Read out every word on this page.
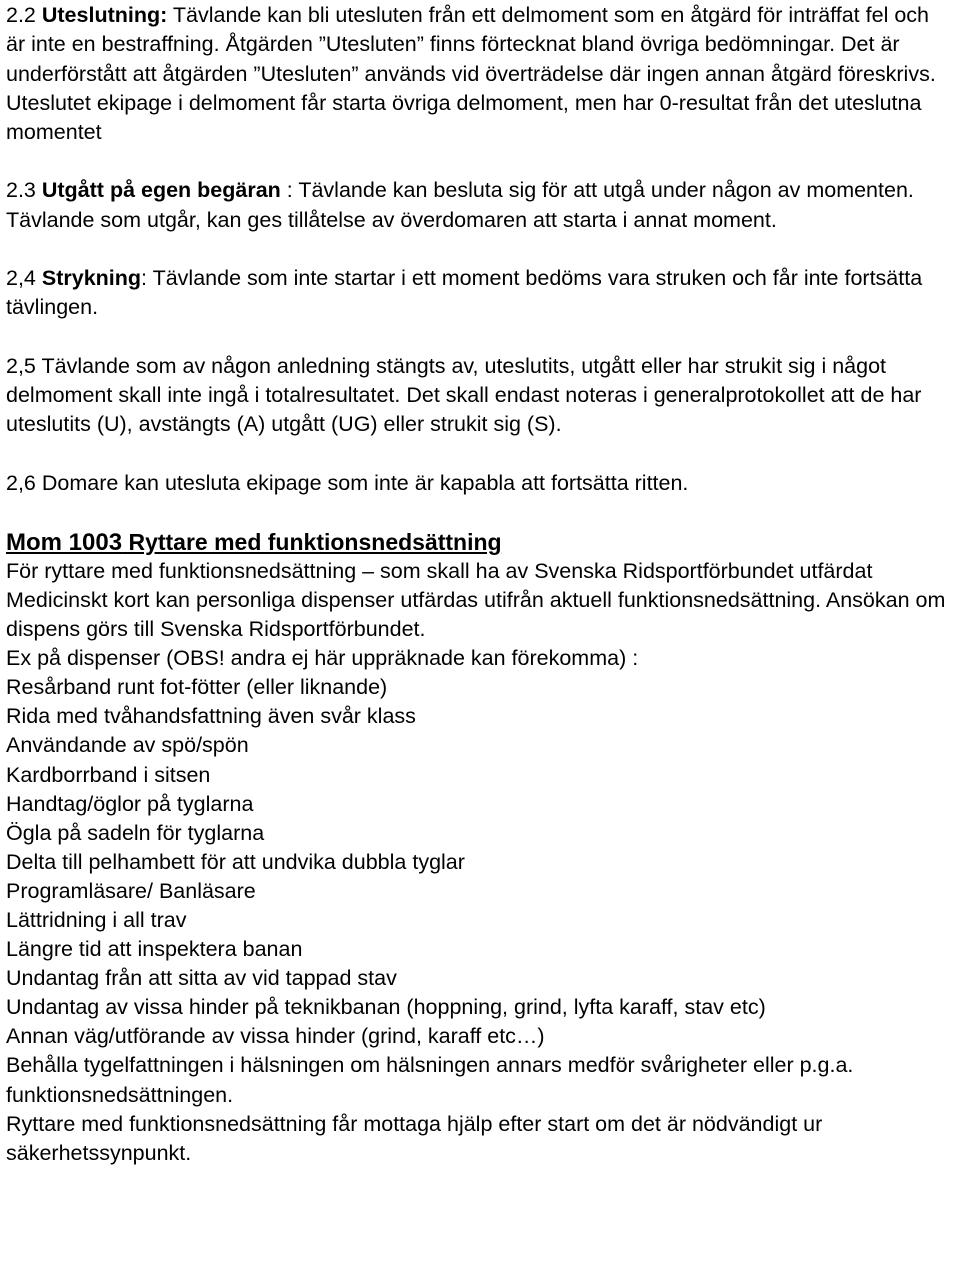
2.2 Uteslutning: Tävlande kan bli utesluten från ett delmoment som en åtgärd för inträffat fel och är inte en bestraffning. Åtgärden ”Utesluten” finns förtecknat bland övriga bedömningar. Det är underförstått att åtgärden ”Utesluten” används vid överträdelse där ingen annan åtgärd föreskrivs. Uteslutet ekipage i delmoment får starta övriga delmoment, men har 0-resultat från det uteslutna momentet

2.3 Utgått på egen begäran : Tävlande kan besluta sig för att utgå under någon av momenten. Tävlande som utgår, kan ges tillåtelse av överdomaren att starta i annat moment.

2,4 Strykning: Tävlande som inte startar i ett moment bedöms vara struken och får inte fortsätta tävlingen.

2,5 Tävlande som av någon anledning stängts av, uteslutits, utgått eller har strukit sig i något delmoment skall inte ingå i totalresultatet. Det skall endast noteras i generalprotokollet att de har uteslutits (U), avstängts (A) utgått (UG) eller strukit sig (S).

2,6 Domare kan utesluta ekipage som inte är kapabla att fortsätta ritten.

Mom 1003 Ryttare med funktionsnedsättning

För ryttare med funktionsnedsättning – som skall ha av Svenska Ridsportförbundet utfärdat Medicinskt kort kan personliga dispenser utfärdas utifrån aktuell funktionsnedsättning. Ansökan om dispens görs till Svenska Ridsportförbundet.

Ex på dispenser (OBS! andra ej här uppräknade kan förekomma) :

Resårband runt fot-fötter (eller liknande)
Rida med tvåhandsfattning även svår klass
Användande av spö/spön
Kardborrband i sitsen
Handtag/öglor på tyglarna
Ögla på sadeln för tyglarna
Delta till pelhambett för att undvika dubbla tyglar
Programläsare/ Banläsare
Lättridning i all trav
Längre tid att inspektera banan
Undantag från att sitta av vid tappad stav
Undantag av vissa hinder på teknikbanan (hoppning, grind, lyfta karaff, stav etc)
Annan väg/utförande av vissa hinder (grind, karaff etc…)
Behålla tygelfattningen i hälsningen om hälsningen annars medför svårigheter eller p.g.a. funktionsnedsättningen.
Ryttare med funktionsnedsättning får mottaga hjälp efter start om det är nödvändigt ur säkerhetssynpunkt.
